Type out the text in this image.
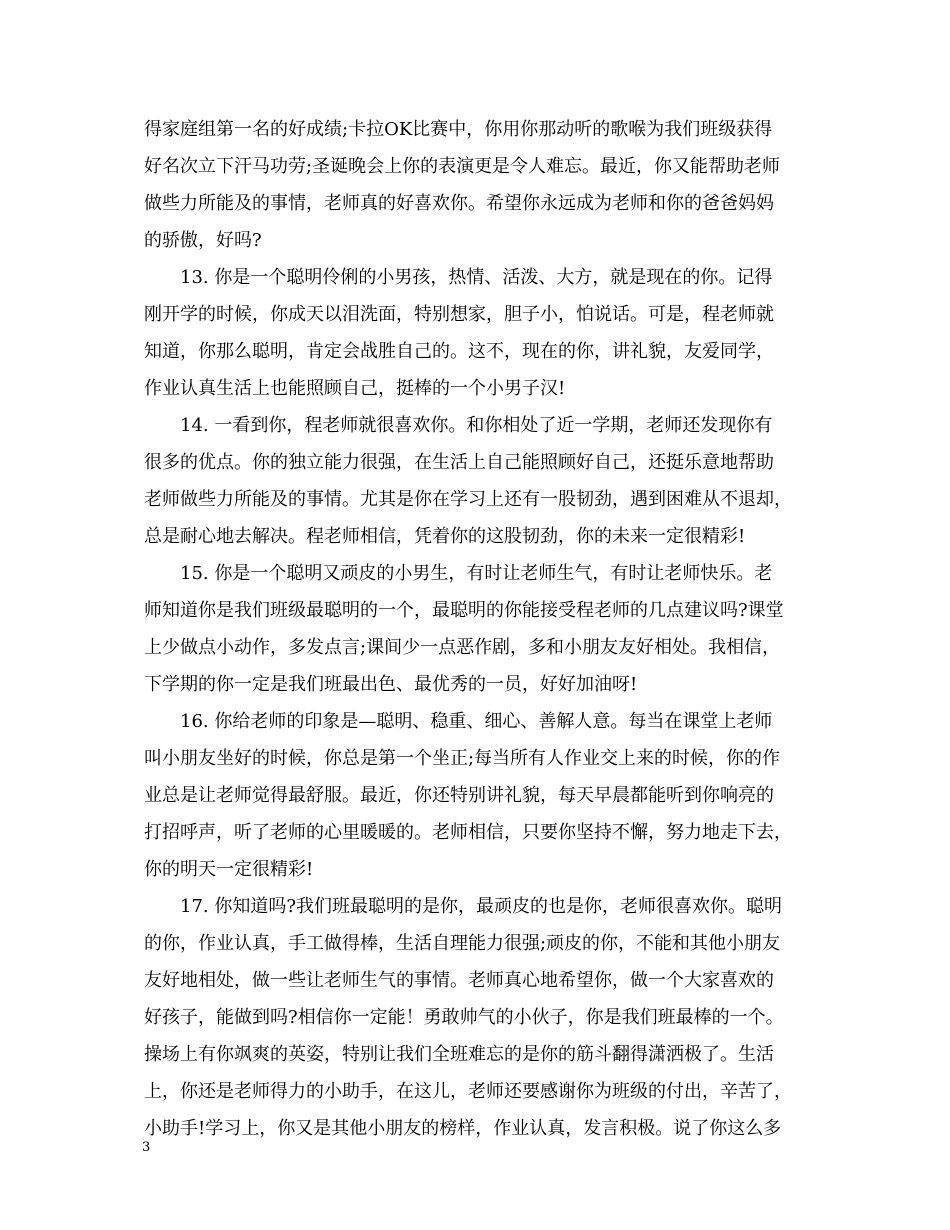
得家庭组第一名的好成绩;卡拉OK比赛中，你用你那动听的歌喉为我们班级获得
好名次立下汗马功劳;圣诞晚会上你的表演更是令人难忘。最近，你又能帮助老师
做些力所能及的事情，老师真的好喜欢你。希望你永远成为老师和你的爸爸妈妈
的骄傲，好吗?
　　13. 你是一个聪明伶俐的小男孩，热情、活泼、大方，就是现在的你。记得
刚开学的时候，你成天以泪洗面，特别想家，胆子小，怕说话。可是，程老师就
知道，你那么聪明，肯定会战胜自己的。这不，现在的你，讲礼貌，友爱同学，
作业认真生活上也能照顾自己，挺棒的一个小男子汉!
　　14. 一看到你，程老师就很喜欢你。和你相处了近一学期，老师还发现你有
很多的优点。你的独立能力很强，在生活上自己能照顾好自己，还挺乐意地帮助
老师做些力所能及的事情。尤其是你在学习上还有一股韧劲，遇到困难从不退却，
总是耐心地去解决。程老师相信，凭着你的这股韧劲，你的未来一定很精彩!
　　15. 你是一个聪明又顽皮的小男生，有时让老师生气，有时让老师快乐。老
师知道你是我们班级最聪明的一个，最聪明的你能接受程老师的几点建议吗?课堂
上少做点小动作，多发点言;课间少一点恶作剧，多和小朋友友好相处。我相信，
下学期的你一定是我们班最出色、最优秀的一员，好好加油呀!
　　16. 你给老师的印象是—聪明、稳重、细心、善解人意。每当在课堂上老师
叫小朋友坐好的时候，你总是第一个坐正;每当所有人作业交上来的时候，你的作
业总是让老师觉得最舒服。最近，你还特别讲礼貌，每天早晨都能听到你响亮的
打招呼声，听了老师的心里暖暖的。老师相信，只要你坚持不懈，努力地走下去，
你的明天一定很精彩!
　　17. 你知道吗?我们班最聪明的是你，最顽皮的也是你，老师很喜欢你。聪明
的你，作业认真，手工做得棒，生活自理能力很强;顽皮的你，不能和其他小朋友
友好地相处，做一些让老师生气的事情。老师真心地希望你，做一个大家喜欢的
好孩子，能做到吗?相信你一定能！勇敢帅气的小伙子，你是我们班最棒的一个。
操场上有你飒爽的英姿，特别让我们全班难忘的是你的筋斗翻得潇洒极了。生活
上，你还是老师得力的小助手，在这儿，老师还要感谢你为班级的付出，辛苦了，
小助手!学习上，你又是其他小朋友的榜样，作业认真，发言积极。说了你这么多
3
